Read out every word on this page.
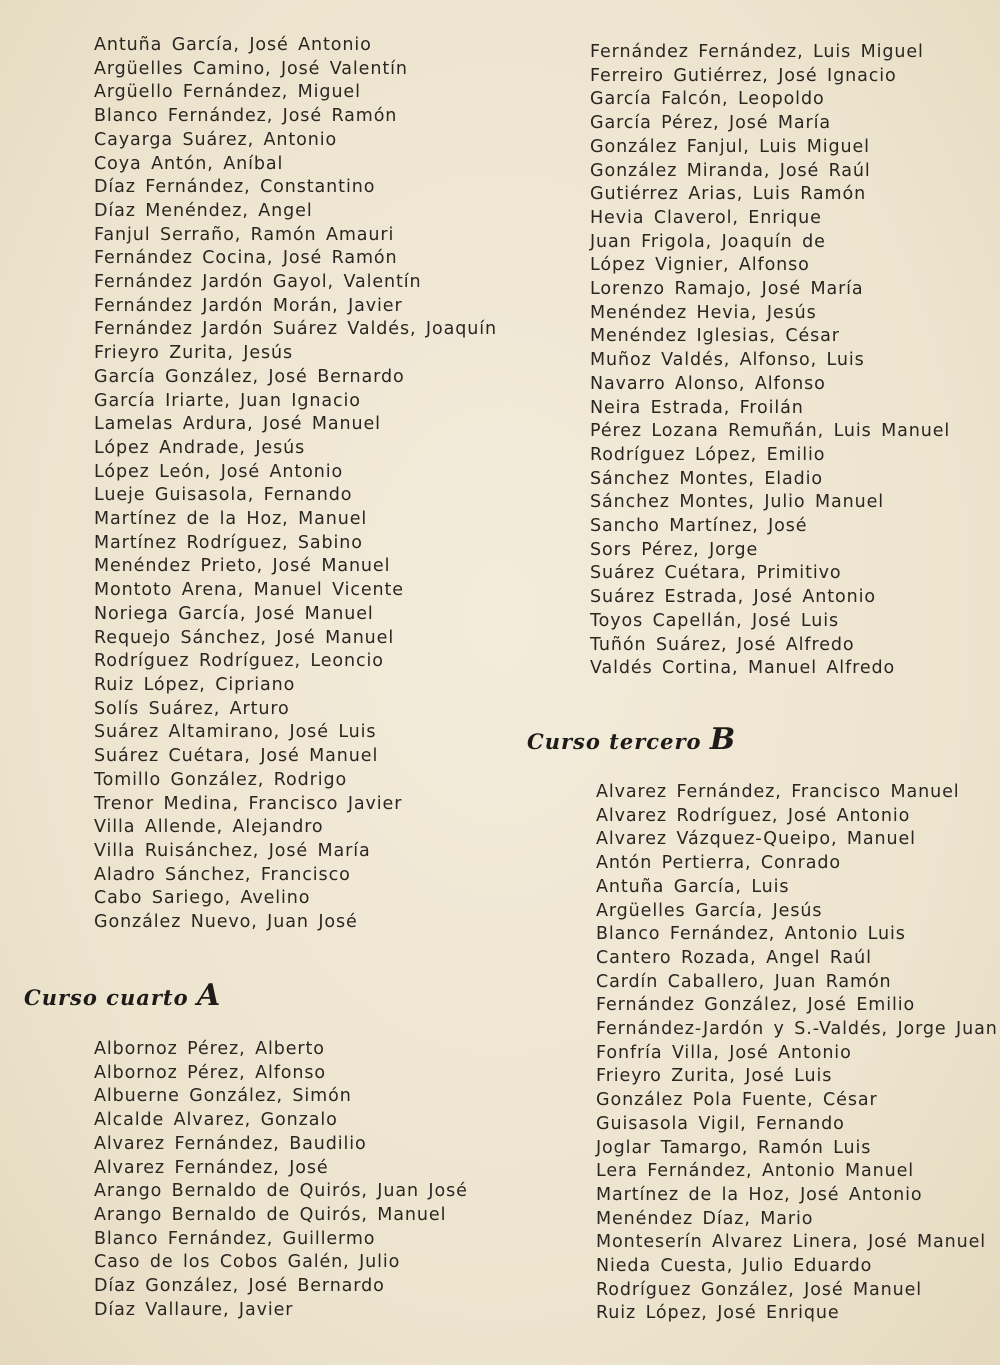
Antuña García, José Antonio
Argüelles Camino, José Valentín
Argüello Fernández, Miguel
Blanco Fernández, José Ramón
Cayarga Suárez, Antonio
Coya Antón, Aníbal
Díaz Fernández, Constantino
Díaz Menéndez, Angel
Fanjul Serraño, Ramón Amauri
Fernández Cocina, José Ramón
Fernández Jardón Gayol, Valentín
Fernández Jardón Morán, Javier
Fernández Jardón Suárez Valdés, Joaquín
Frieyro Zurita, Jesús
García González, José Bernardo
García Iriarte, Juan Ignacio
Lamelas Ardura, José Manuel
López Andrade, Jesús
López León, José Antonio
Lueje Guisasola, Fernando
Martínez de la Hoz, Manuel
Martínez Rodríguez, Sabino
Menéndez Prieto, José Manuel
Montoto Arena, Manuel Vicente
Noriega García, José Manuel
Requejo Sánchez, José Manuel
Rodríguez Rodríguez, Leoncio
Ruiz López, Cipriano
Solís Suárez, Arturo
Suárez Altamirano, José Luis
Suárez Cuétara, José Manuel
Tomillo González, Rodrigo
Trenor Medina, Francisco Javier
Villa Allende, Alejandro
Villa Ruisánchez, José María
Aladro Sánchez, Francisco
Cabo Sariego, Avelino
González Nuevo, Juan José
Curso cuarto A
Albornoz Pérez, Alberto
Albornoz Pérez, Alfonso
Albuerne González, Simón
Alcalde Alvarez, Gonzalo
Alvarez Fernández, Baudilio
Alvarez Fernández, José
Arango Bernaldo de Quirós, Juan José
Arango Bernaldo de Quirós, Manuel
Blanco Fernández, Guillermo
Caso de los Cobos Galén, Julio
Díaz González, José Bernardo
Díaz Vallaure, Javier
Fernández Fernández, Luis Miguel
Ferreiro Gutiérrez, José Ignacio
García Falcón, Leopoldo
García Pérez, José María
González Fanjul, Luis Miguel
González Miranda, José Raúl
Gutiérrez Arias, Luis Ramón
Hevia Claverol, Enrique
Juan Frigola, Joaquín de
López Vignier, Alfonso
Lorenzo Ramajo, José María
Menéndez Hevia, Jesús
Menéndez Iglesias, César
Muñoz Valdés, Alfonso, Luis
Navarro Alonso, Alfonso
Neira Estrada, Froilán
Pérez Lozana Remuñán, Luis Manuel
Rodríguez López, Emilio
Sánchez Montes, Eladio
Sánchez Montes, Julio Manuel
Sancho Martínez, José
Sors Pérez, Jorge
Suárez Cuétara, Primitivo
Suárez Estrada, José Antonio
Toyos Capellán, José Luis
Tuñón Suárez, José Alfredo
Valdés Cortina, Manuel Alfredo
Curso tercero B
Alvarez Fernández, Francisco Manuel
Alvarez Rodríguez, José Antonio
Alvarez Vázquez-Queipo, Manuel
Antón Pertierra, Conrado
Antuña García, Luis
Argüelles García, Jesús
Blanco Fernández, Antonio Luis
Cantero Rozada, Angel Raúl
Cardín Caballero, Juan Ramón
Fernández González, José Emilio
Fernández-Jardón y S.-Valdés, Jorge Juan
Fonfría Villa, José Antonio
Frieyro Zurita, José Luis
González Pola Fuente, César
Guisasola Vigil, Fernando
Joglar Tamargo, Ramón Luis
Lera Fernández, Antonio Manuel
Martínez de la Hoz, José Antonio
Menéndez Díaz, Mario
Monteserín Alvarez Linera, José Manuel
Nieda Cuesta, Julio Eduardo
Rodríguez González, José Manuel
Ruiz López, José Enrique
